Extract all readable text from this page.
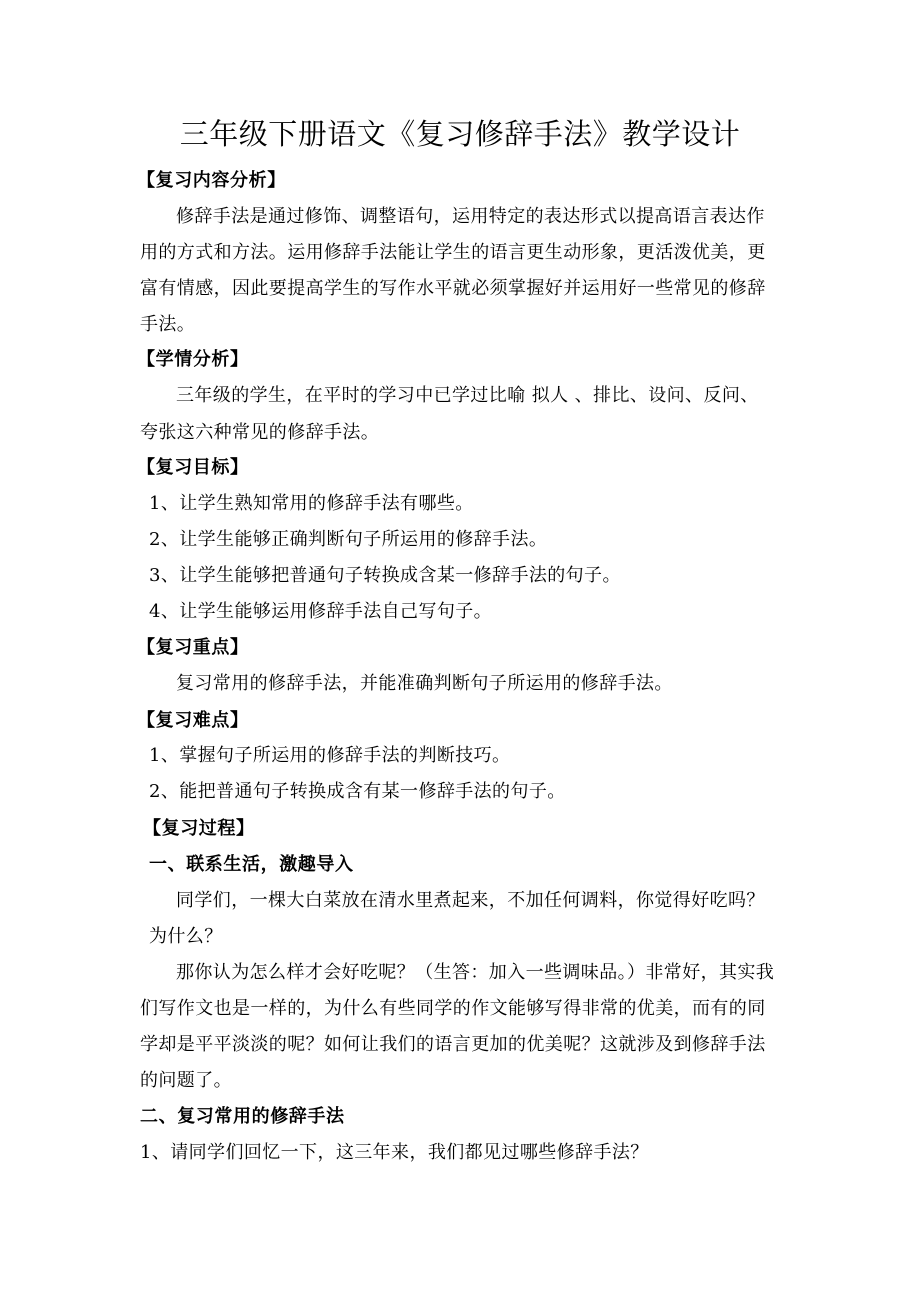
三年级下册语文《复习修辞手法》教学设计
【复习内容分析】
修辞手法是通过修饰、调整语句，运用特定的表达形式以提高语言表达作
用的方式和方法。运用修辞手法能让学生的语言更生动形象，更活泼优美，更
富有情感，因此要提高学生的写作水平就必须掌握好并运用好一些常见的修辞
手法。
【学情分析】
三年级的学生，在平时的学习中已学过比喻 拟人 、排比、设问、反问、
夸张这六种常见的修辞手法。
【复习目标】
1、让学生熟知常用的修辞手法有哪些。
2、让学生能够正确判断句子所运用的修辞手法。
3、让学生能够把普通句子转换成含某一修辞手法的句子。
4、让学生能够运用修辞手法自己写句子。
【复习重点】
复习常用的修辞手法，并能准确判断句子所运用的修辞手法。
【复习难点】
1、掌握句子所运用的修辞手法的判断技巧。
2、能把普通句子转换成含有某一修辞手法的句子。
【复习过程】
一、联系生活，激趣导入
同学们，一棵大白菜放在清水里煮起来，不加任何调料，你觉得好吃吗？
为什么？
那你认为怎么样才会好吃呢？（生答：加入一些调味品。）非常好，其实我
们写作文也是一样的，为什么有些同学的作文能够写得非常的优美，而有的同
学却是平平淡淡的呢？如何让我们的语言更加的优美呢？这就涉及到修辞手法
的问题了。
二、复习常用的修辞手法
1、请同学们回忆一下，这三年来，我们都见过哪些修辞手法？
